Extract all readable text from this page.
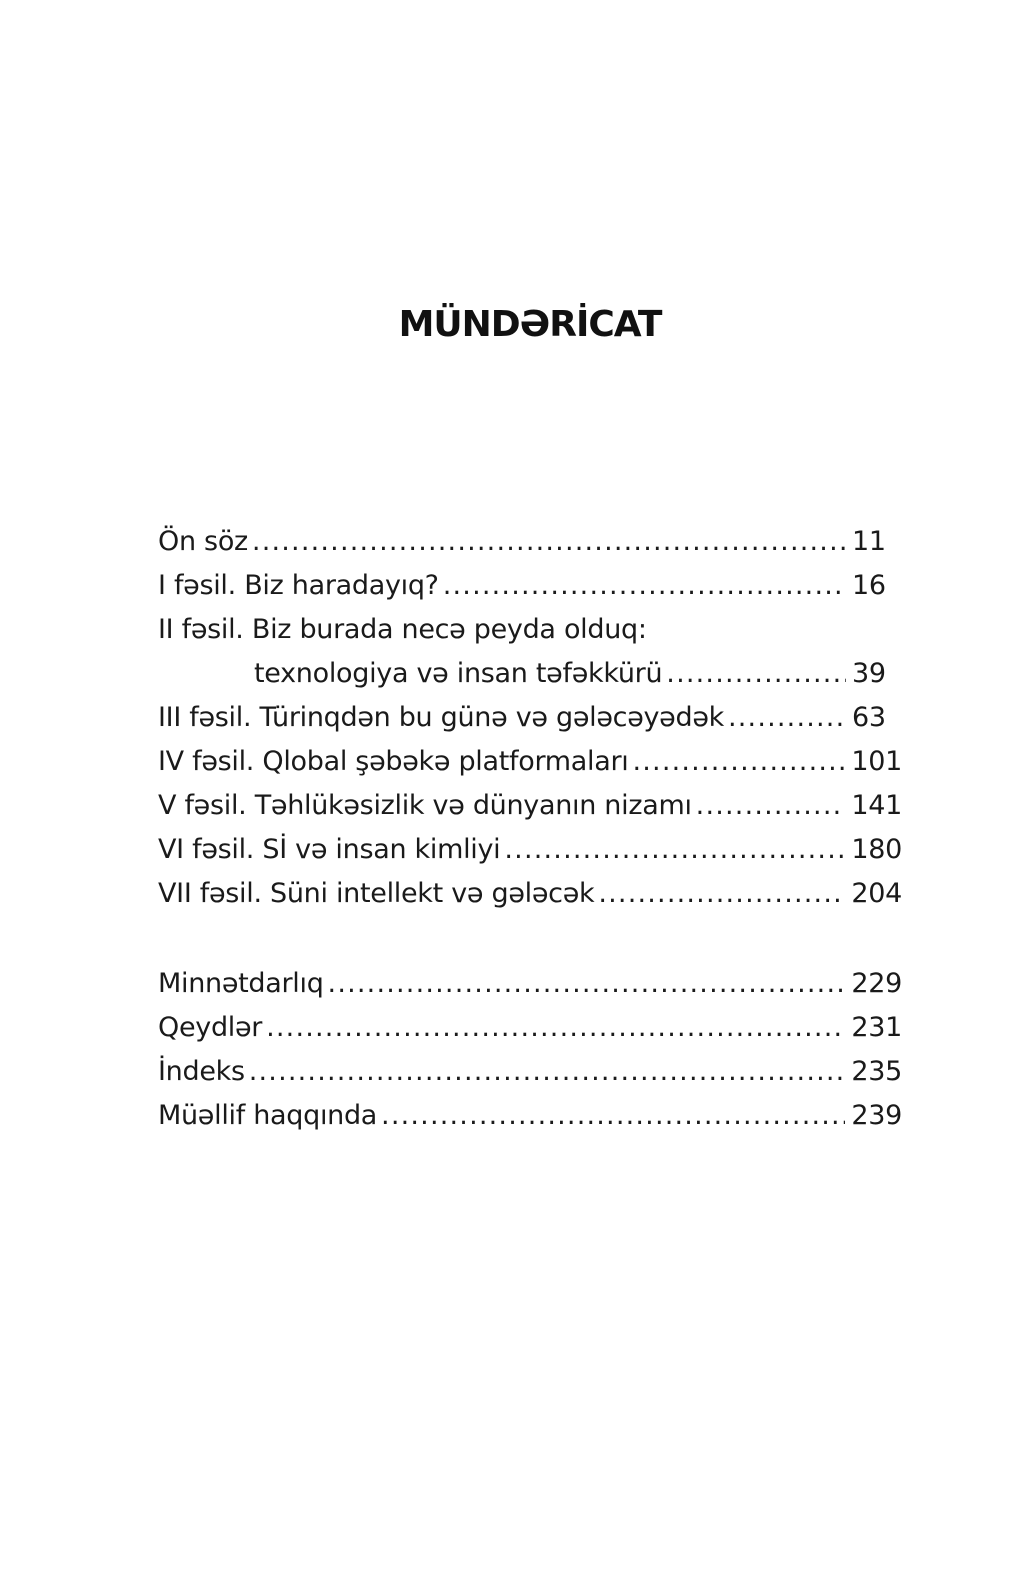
MÜNDƏRİCAT
Ön söz .....	11
I fəsil. Biz haradayıq? .....	16
II fəsil. Biz burada necə peyda olduq:
texnologiya və insan təfəkkürü .....	39
III fəsil. Türinqdən bu günə və gələcəyədək .....	63
IV fəsil. Qlobal şəbəkə platformaları .....	101
V fəsil. Təhlükəsizlik və dünyanın nizamı .....	141
VI fəsil. Sİ və insan kimliyi .....	180
VII fəsil. Süni intellekt və gələcək .....	204
Minnətdarlıq .....	229
Qeydlər .....	231
İndeks .....	235
Müəllif haqqında .....	239
